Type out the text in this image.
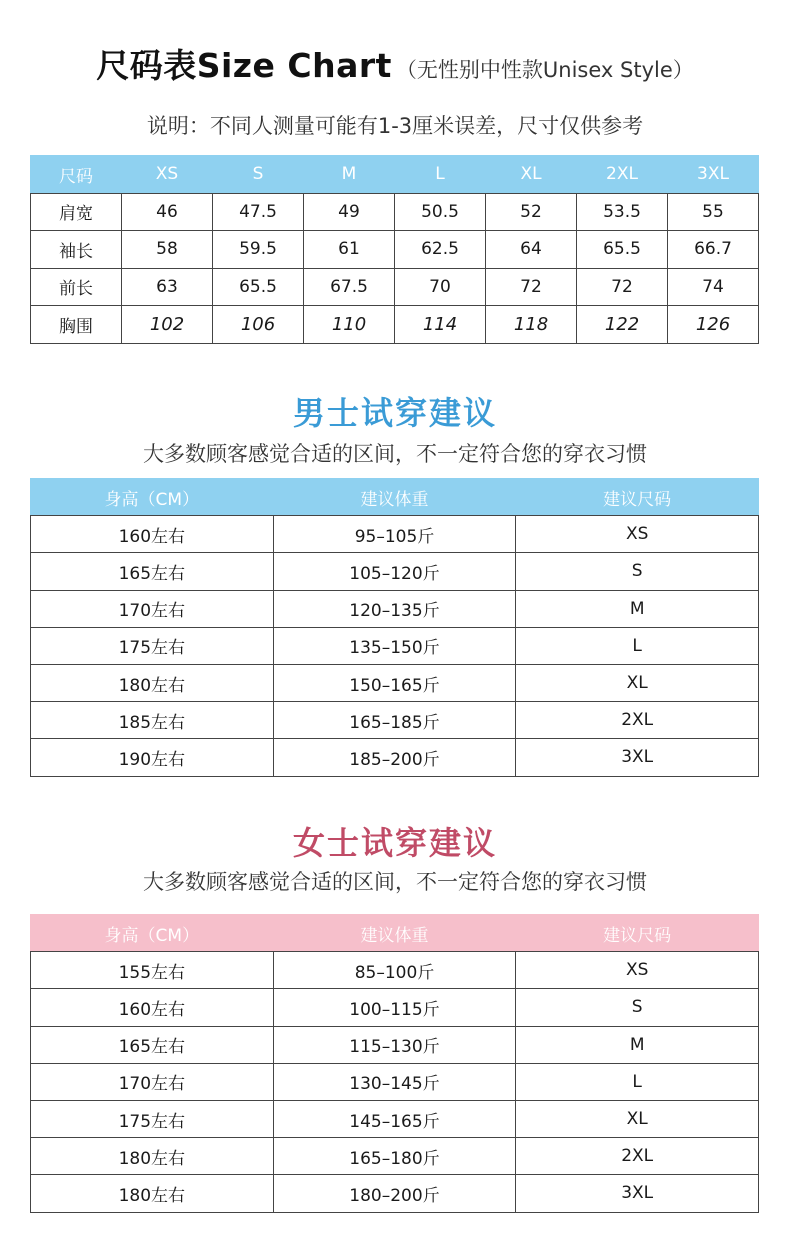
尺码表Size Chart （无性别中性款Unisex Style）
说明：不同人测量可能有1-3厘米误差，尺寸仅供参考
尺码	XS	S	M	L	XL	2XL	3XL
肩宽	46	47.5	49	50.5	52	53.5	55
袖长	58	59.5	61	62.5	64	65.5	66.7
前长	63	65.5	67.5	70	72	72	74
胸围	102	106	110	114	118	122	126
男士试穿建议
大多数顾客感觉合适的区间，不一定符合您的穿衣习惯
身高（CM）	建议体重	建议尺码
160左右	95–105斤	XS
165左右	105–120斤	S
170左右	120–135斤	M
175左右	135–150斤	L
180左右	150–165斤	XL
185左右	165–185斤	2XL
190左右	185–200斤	3XL
女士试穿建议
大多数顾客感觉合适的区间，不一定符合您的穿衣习惯
身高（CM）	建议体重	建议尺码
155左右	85–100斤	XS
160左右	100–115斤	S
165左右	115–130斤	M
170左右	130–145斤	L
175左右	145–165斤	XL
180左右	165–180斤	2XL
180左右	180–200斤	3XL
